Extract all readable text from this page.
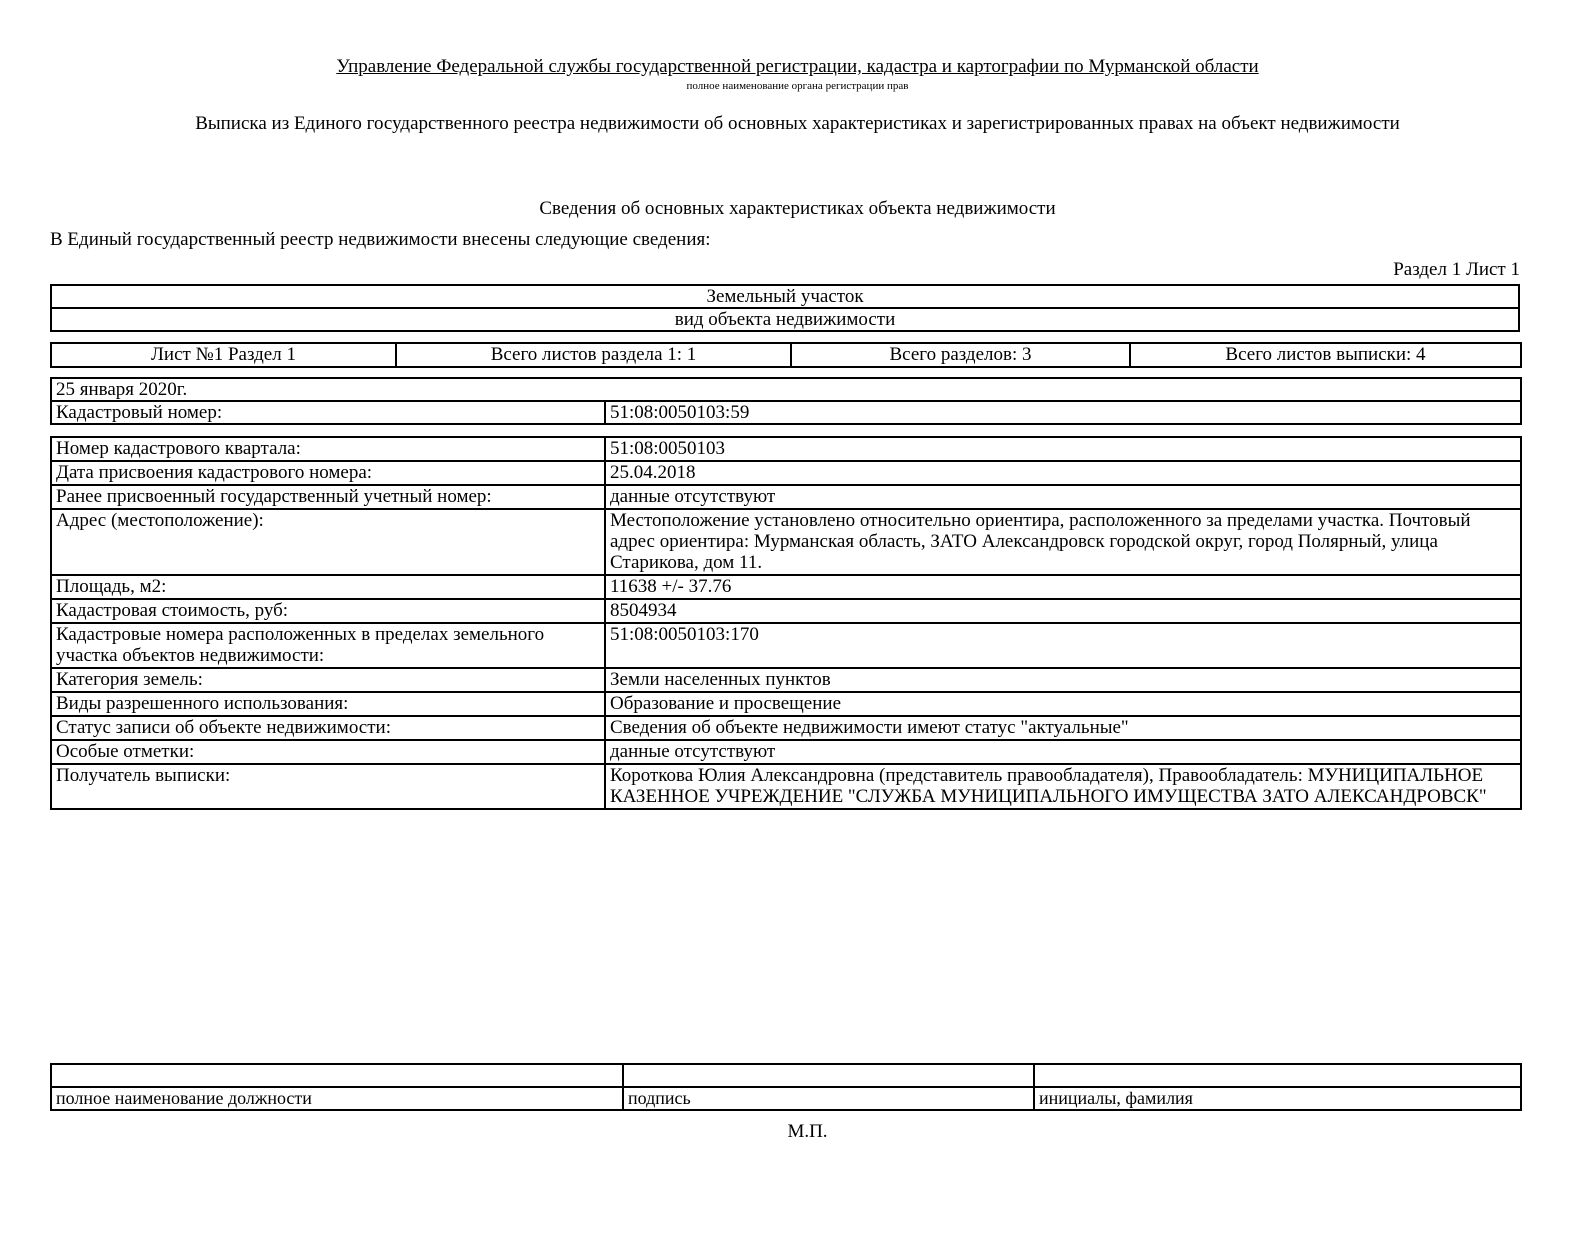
Управление Федеральной службы государственной регистрации, кадастра и картографии по Мурманской области
полное наименование органа регистрации прав
Выписка из Единого государственного реестра недвижимости об основных характеристиках и зарегистрированных правах на объект недвижимости
Сведения об основных характеристиках объекта недвижимости
В Единый государственный реестр недвижимости внесены следующие сведения:
Раздел 1 Лист 1
Земельный участок
вид объекта недвижимости
Лист №1 Раздел 1	Всего листов раздела 1: 1	Всего разделов: 3	Всего листов выписки: 4
25 января 2020г.
Кадастровый номер:	51:08:0050103:59
Номер кадастрового квартала:	51:08:0050103
Дата присвоения кадастрового номера:	25.04.2018
Ранее присвоенный государственный учетный номер:	данные отсутствуют
Адрес (местоположение):	Местоположение установлено относительно ориентира, расположенного за пределами участка. Почтовый адрес ориентира: Мурманская область, ЗАТО Александровск городской округ, город Полярный, улица Старикова, дом 11.
Площадь, м2:	11638 +/- 37.76
Кадастровая стоимость, руб:	8504934
Кадастровые номера расположенных в пределах земельного участка объектов недвижимости:	51:08:0050103:170
Категория земель:	Земли населенных пунктов
Виды разрешенного использования:	Образование и просвещение
Статус записи об объекте недвижимости:	Сведения об объекте недвижимости имеют статус "актуальные"
Особые отметки:	данные отсутствуют
Получатель выписки:	Короткова Юлия Александровна (представитель правообладателя), Правообладатель: МУНИЦИПАЛЬНОЕ КАЗЕННОЕ УЧРЕЖДЕНИЕ "СЛУЖБА МУНИЦИПАЛЬНОГО ИМУЩЕСТВА ЗАТО АЛЕКСАНДРОВСК"

полное наименование должности	подпись	инициалы, фамилия
М.П.
